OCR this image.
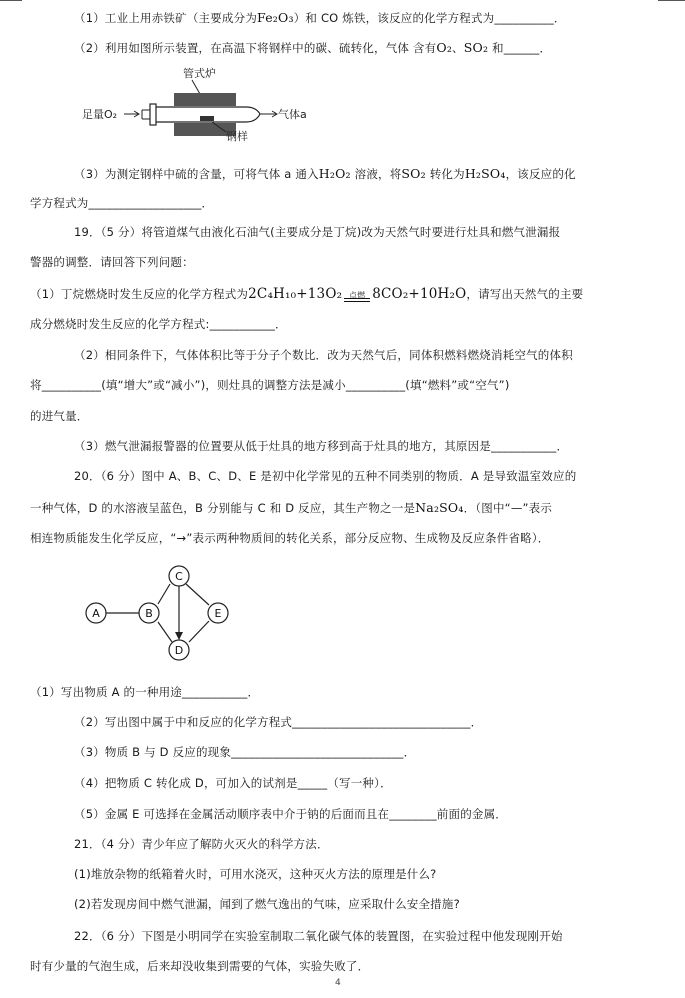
（1）工业上用赤铁矿（主要成分为Fe₂O₃）和 CO 炼铁，该反应的化学方程式为__________．
（2）利用如图所示装置，在高温下将钢样中的碳、硫转化，气体 含有O₂、SO₂ 和______．
管式炉
足量O₂	气体a
钢样
（3）为测定钢样中硫的含量，可将气体 a 通入H₂O₂ 溶液，将SO₂ 转化为H₂SO₄，该反应的化
学方程式为___________________．
19．（5 分）将管道煤气由液化石油气(主要成分是丁烷)改为天然气时要进行灶具和燃气泄漏报
警器的调整．请回答下列问题：
（1）丁烷燃烧时发生反应的化学方程式为2C₄H₁₀+13O₂ 点燃 8CO₂+10H₂O，请写出天然气的主要
成分燃烧时发生反应的化学方程式:___________．
（2）相同条件下，气体体积比等于分子个数比．改为天然气后，同体积燃料燃烧消耗空气的体积
将__________(填“增大”或“减小”)，则灶具的调整方法是减小__________(填“燃料”或“空气”)
的进气量．
（3）燃气泄漏报警器的位置要从低于灶具的地方移到高于灶具的地方，其原因是___________．
20．（6 分）图中 A、B、C、D、E 是初中化学常见的五种不同类别的物质．A 是导致温室效应的
一种气体，D 的水溶液呈蓝色，B 分别能与 C 和 D 反应，其生产物之一是Na₂SO₄．（图中“—”表示
相连物质能发生化学反应，“→”表示两种物质间的转化关系，部分反应物、生成物及反应条件省略）．
A	B
C
D
E
（1）写出物质 A 的一种用途___________．
（2）写出图中属于中和反应的化学方程式______________________________．
（3）物质 B 与 D 反应的现象_____________________________．
（4）把物质 C 转化成 D，可加入的试剂是_____（写一种）．
（5）金属 E 可选择在金属活动顺序表中介于钠的后面而且在________前面的金属．
21．（4 分）青少年应了解防火灭火的科学方法．
(1)堆放杂物的纸箱着火时，可用水浇灭，这种灭火方法的原理是什么?
(2)若发现房间中燃气泄漏，闻到了燃气逸出的气味，应采取什么安全措施?
22．（6 分）下图是小明同学在实验室制取二氧化碳气体的装置图，在实验过程中他发现刚开始
时有少量的气泡生成，后来却没收集到需要的气体，实验失败了．
4
